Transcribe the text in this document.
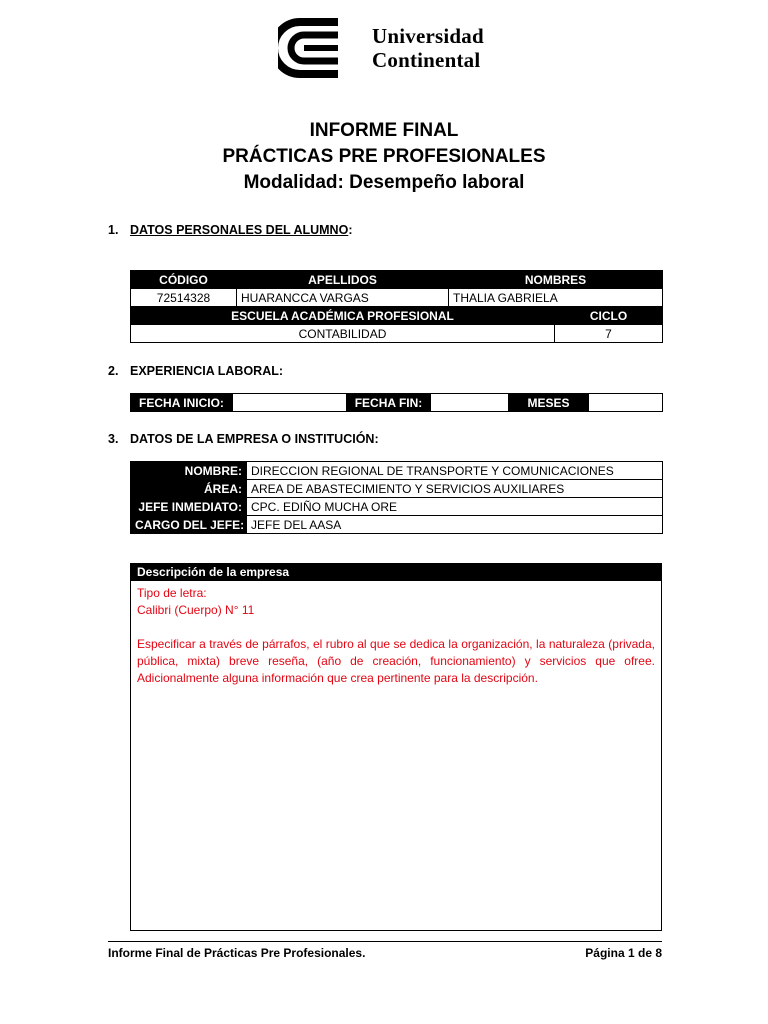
Universidad
Continental
INFORME FINAL
PRÁCTICAS PRE PROFESIONALES
Modalidad: Desempeño laboral
1. DATOS PERSONALES DEL ALUMNO:
CÓDIGO	APELLIDOS	NOMBRES	
72514328	HUARANCCA VARGAS	THALIA GABRIELA	
ESCUELA ACADÉMICA PROFESIONAL			CICLO
CONTABILIDAD			7
2. EXPERIENCIA LABORAL:
FECHA INICIO:		FECHA FIN:		MESES	
3. DATOS DE LA EMPRESA O INSTITUCIÓN:
NOMBRE:	DIRECCION REGIONAL DE TRANSPORTE Y COMUNICACIONES
ÁREA:	AREA DE ABASTECIMIENTO Y SERVICIOS AUXILIARES
JEFE INMEDIATO:	CPC. EDIÑO MUCHA ORE
CARGO DEL JEFE:	JEFE DEL AASA
Descripción de la empresa

Tipo de letra:

Calibri (Cuerpo) N° 11

Especificar a través de párrafos, el rubro al que se dedica la organización, la naturaleza (privada, pública, mixta) breve reseña, (año de creación, funcionamiento) y servicios que ofree. Adicionalmente alguna información que crea pertinente para la descripción.

Informe Final de Prácticas Pre Profesionales.	Página 1 de 8
